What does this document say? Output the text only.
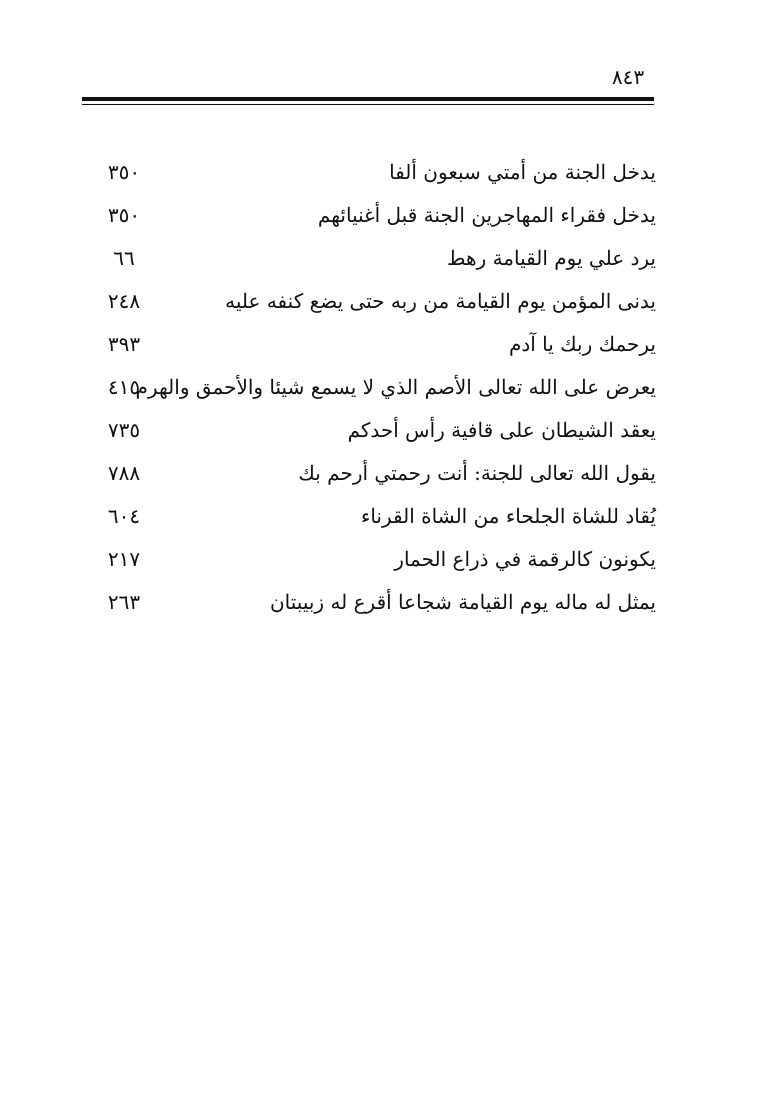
٨٤٣
يدخل الجنة من أمتي سبعون ألفا
٣٥٠
يدخل فقراء المهاجرين الجنة قبل أغنيائهم
٣٥٠
يرد علي يوم القيامة رهط
٦٦
يدنى المؤمن يوم القيامة من ربه حتى يضع كنفه عليه
٢٤٨
يرحمك ربك يا آدم
٣٩٣
يعرض على الله تعالى الأصم الذي لا يسمع شيئا والأحمق والهرم
٤١٥
يعقد الشيطان على قافية رأس أحدكم
٧٣٥
يقول الله تعالى للجنة: أنت رحمتي أرحم بك
٧٨٨
يُقاد للشاة الجلحاء من الشاة القرناء
٦٠٤
يكونون كالرقمة في ذراع الحمار
٢١٧
يمثل له ماله يوم القيامة شجاعا أقرع له زبيبتان
٢٦٣
